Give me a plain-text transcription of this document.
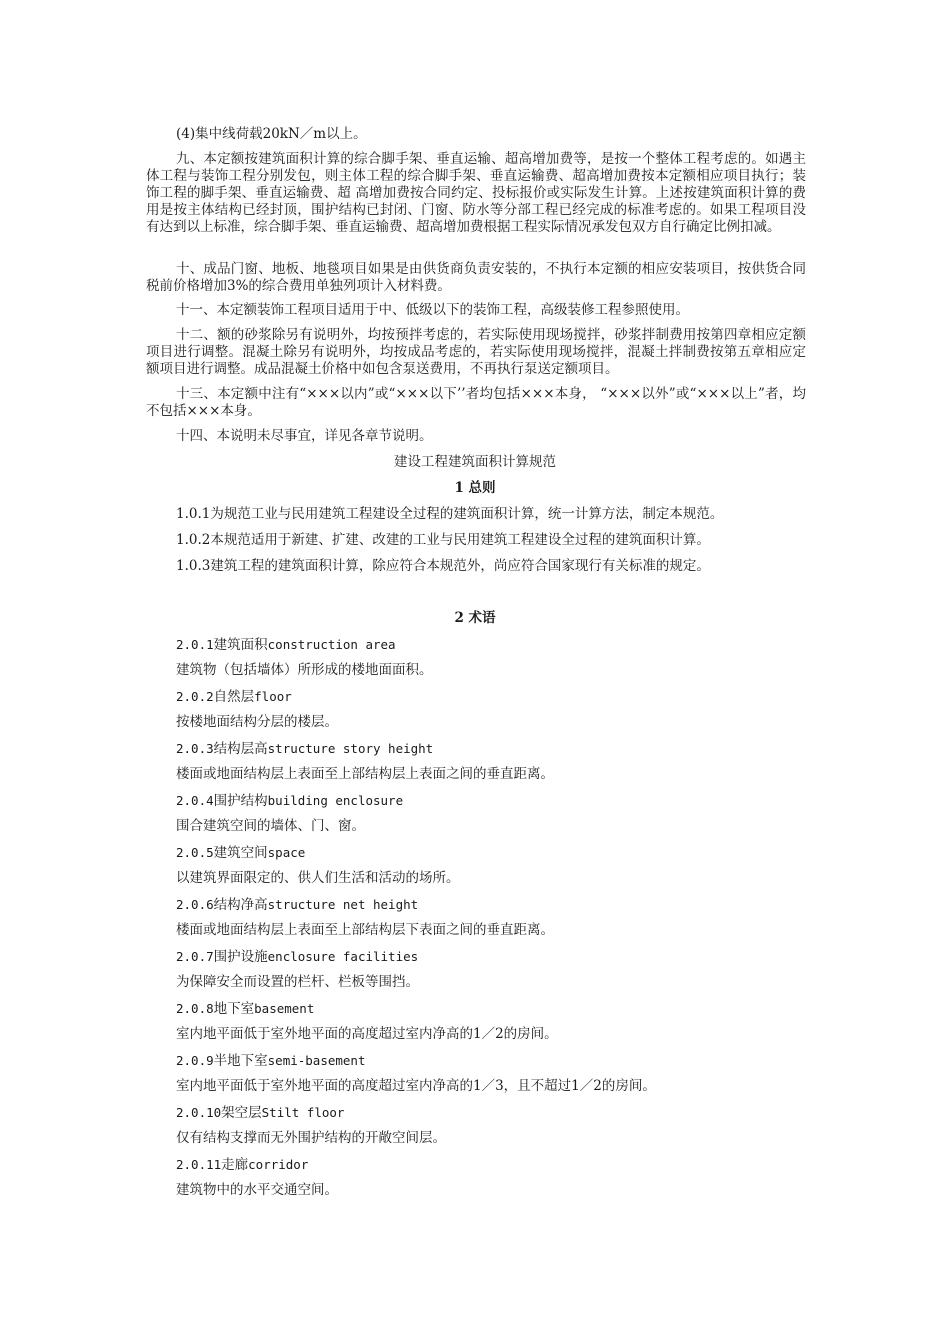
(4)集中线荷载20kN／m以上。

九、本定额按建筑面积计算的综合脚手架、垂直运输、超高增加费等，是按一个整体工程考虑的。如遇主体工程与装饰工程分别发包，则主体工程的综合脚手架、垂直运输费、超高增加费按本定额相应项目执行；装饰工程的脚手架、垂直运输费、超 高增加费按合同约定、投标报价或实际发生计算。上述按建筑面积计算的费用是按主体结构已经封顶，围护结构已封闭、门窗、防水等分部工程已经完成的标准考虑的。如果工程项目没有达到以上标准，综合脚手架、垂直运输费、超高增加费根据工程实际情况承发包双方自行确定比例扣减。

十、成品门窗、地板、地毯项目如果是由供货商负责安装的，不执行本定额的相应安装项目，按供货合同税前价格增加3%的综合费用单独列项计入材料费。

十一、本定额装饰工程项目适用于中、低级以下的装饰工程，高级装修工程参照使用。

十二、额的砂浆除另有说明外，均按预拌考虑的，若实际使用现场搅拌，砂浆拌制费用按第四章相应定额项目进行调整。混凝土除另有说明外，均按成品考虑的，若实际使用现场搅拌，混凝土拌制费按第五章相应定额项目进行调整。成品混凝土价格中如包含泵送费用，不再执行泵送定额项目。

十三、本定额中注有“×××以内”或“×××以下’’者均包括×××本身， “×××以外”或“×××以上”者，均不包括×××本身。

十四、本说明未尽事宜，详见各章节说明。

建设工程建筑面积计算规范

1 总则

1.0.1为规范工业与民用建筑工程建设全过程的建筑面积计算，统一计算方法，制定本规范。

1.0.2本规范适用于新建、扩建、改建的工业与民用建筑工程建设全过程的建筑面积计算。

1.0.3建筑工程的建筑面积计算，除应符合本规范外，尚应符合国家现行有关标准的规定。

2 术语

2.0.1建筑面积construction area

建筑物（包括墙体）所形成的楼地面面积。

2.0.2自然层floor

按楼地面结构分层的楼层。

2.0.3结构层高structure story height

楼面或地面结构层上表面至上部结构层上表面之间的垂直距离。

2.0.4围护结构building enclosure

围合建筑空间的墙体、门、窗。

2.0.5建筑空间space

以建筑界面限定的、供人们生活和活动的场所。

2.0.6结构净高structure net height

楼面或地面结构层上表面至上部结构层下表面之间的垂直距离。

2.0.7围护设施enclosure facilities

为保障安全而设置的栏杆、栏板等围挡。

2.0.8地下室basement

室内地平面低于室外地平面的高度超过室内净高的1／2的房间。

2.0.9半地下室semi-basement

室内地平面低于室外地平面的高度超过室内净高的1／3，且不超过1／2的房间。

2.0.10架空层Stilt floor

仅有结构支撑而无外围护结构的开敞空间层。

2.0.11走廊corridor

建筑物中的水平交通空间。
